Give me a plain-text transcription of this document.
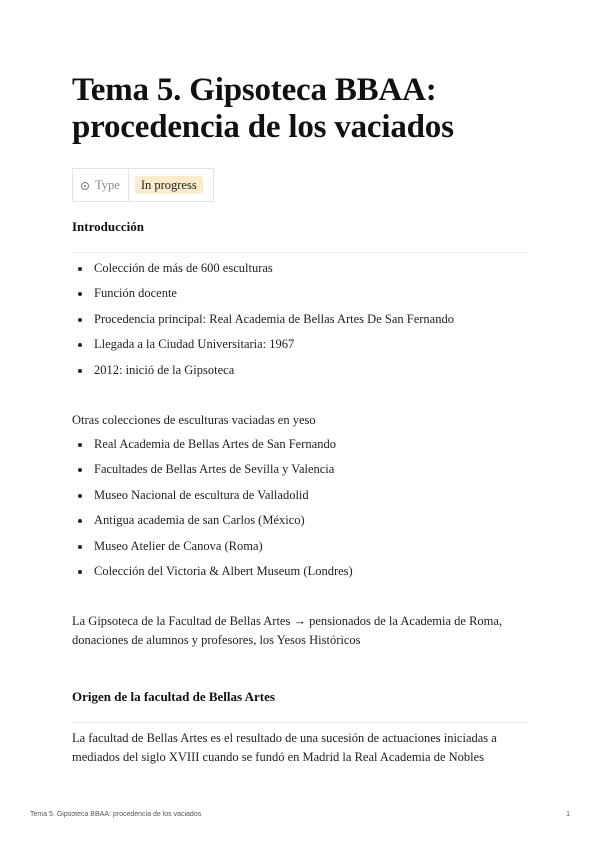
Tema 5. Gipsoteca BBAA: procedencia de los vaciados
Type	In progress
Introducción
Colección de más de 600 esculturas
Función docente
Procedencia principal: Real Academia de Bellas Artes De San Fernando
Llegada a la Ciudad Universitaria: 1967
2012: inició de la Gipsoteca

Otras colecciones de esculturas vaciadas en yeso

Real Academia de Bellas Artes de San Fernando
Facultades de Bellas Artes de Sevilla y Valencia
Museo Nacional de escultura de Valladolid
Antigua academia de san Carlos (México)
Museo Atelier de Canova (Roma)
Colección del Victoria & Albert Museum (Londres)

La Gipsoteca de la Facultad de Bellas Artes → pensionados de la Academia de Roma, donaciones de alumnos y profesores, los Yesos Históricos

Origen de la facultad de Bellas Artes

La facultad de Bellas Artes es el resultado de una sucesión de actuaciones iniciadas a mediados del siglo XVIII cuando se fundó en Madrid la Real Academia de Nobles

Tema 5. Gipsoteca BBAA: procedencia de los vaciados	1
